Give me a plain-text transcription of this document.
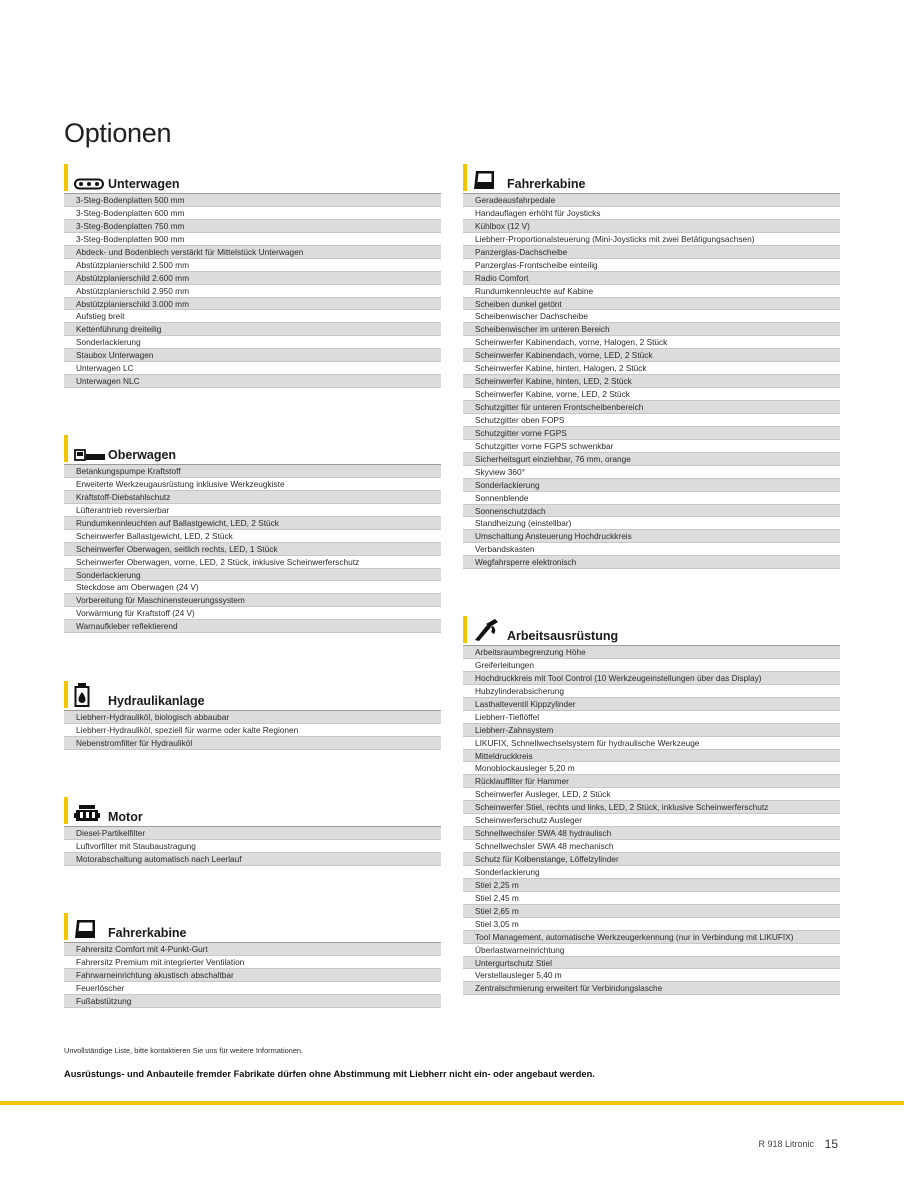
Optionen
Unterwagen
3-Steg-Bodenplatten 500 mm
3-Steg-Bodenplatten 600 mm
3-Steg-Bodenplatten 750 mm
3-Steg-Bodenplatten 900 mm
Abdeck- und Bodenblech verstärkt für Mittelstück Unterwagen
Abstützplanierschild 2.500 mm
Abstützplanierschild 2.600 mm
Abstützplanierschild 2.950 mm
Abstützplanierschild 3.000 mm
Aufstieg breit
Kettenführung dreiteilig
Sonderlackierung
Staubox Unterwagen
Unterwagen LC
Unterwagen NLC
Oberwagen
Betankungspumpe Kraftstoff
Erweiterte Werkzeugausrüstung inklusive Werkzeugkiste
Kraftstoff-Diebstahlschutz
Lüfterantrieb reversierbar
Rundumkennleuchten auf Ballastgewicht, LED, 2 Stück
Scheinwerfer Ballastgewicht, LED, 2 Stück
Scheinwerfer Oberwagen, seitlich rechts, LED, 1 Stück
Scheinwerfer Oberwagen, vorne, LED, 2 Stück, inklusive Scheinwerferschutz
Sonderlackierung
Steckdose am Oberwagen (24 V)
Vorbereitung für Maschinensteuerungssystem
Vorwärmung für Kraftstoff (24 V)
Warnaufkleber reflektierend
Hydraulikanlage
Liebherr-Hydrauliköl, biologisch abbaubar
Liebherr-Hydrauliköl, speziell für warme oder kalte Regionen
Nebenstromfilter für Hydrauliköl
Motor
Diesel-Partikelfilter
Luftvorfilter mit Staubaustragung
Motorabschaltung automatisch nach Leerlauf
Fahrerkabine
Fahrersitz Comfort mit 4-Punkt-Gurt
Fahrersitz Premium mit integrierter Ventilation
Fahrwarneinrichtung akustisch abschaltbar
Feuerlöscher
Fußabstützung
Fahrerkabine
Geradeausfahrpedale
Handauflagen erhöht für Joysticks
Kühlbox (12 V)
Liebherr-Proportionalsteuerung (Mini-Joysticks mit zwei Betätigungsachsen)
Panzerglas-Dachscheibe
Panzerglas-Frontscheibe einteilig
Radio Comfort
Rundumkennleuchte auf Kabine
Scheiben dunkel getönt
Scheibenwischer Dachscheibe
Scheibenwischer im unteren Bereich
Scheinwerfer Kabinendach, vorne, Halogen, 2 Stück
Scheinwerfer Kabinendach, vorne, LED, 2 Stück
Scheinwerfer Kabine, hinten, Halogen, 2 Stück
Scheinwerfer Kabine, hinten, LED, 2 Stück
Scheinwerfer Kabine, vorne, LED, 2 Stück
Schutzgitter für unteren Frontscheibenbereich
Schutzgitter oben FOPS
Schutzgitter vorne FGPS
Schutzgitter vorne FGPS schwenkbar
Sicherheitsgurt einziehbar, 76 mm, orange
Skyview 360°
Sonderlackierung
Sonnenblende
Sonnenschutzdach
Standheizung (einstellbar)
Umschaltung Ansteuerung Hochdruckkreis
Verbandskasten
Wegfahrsperre elektronisch
Arbeitsausrüstung
Arbeitsraumbegrenzung Höhe
Greiferleitungen
Hochdruckkreis mit Tool Control (10 Werkzeugeinstellungen über das Display)
Hubzylinderabsicherung
Lasthalteventil Kippzylinder
Liebherr-Tieflöffel
Liebherr-Zahnsystem
LIKUFIX, Schnellwechselsystem für hydraulische Werkzeuge
Mitteldruckkreis
Monoblockausleger 5,20 m
Rücklauffilter für Hammer
Scheinwerfer Ausleger, LED, 2 Stück
Scheinwerfer Stiel, rechts und links, LED, 2 Stück, inklusive Scheinwerferschutz
Scheinwerferschutz Ausleger
Schnellwechsler SWA 48 hydraulisch
Schnellwechsler SWA 48 mechanisch
Schutz für Kolbenstange, Löffelzylinder
Sonderlackierung
Stiel 2,25 m
Stiel 2,45 m
Stiel 2,65 m
Stiel 3,05 m
Tool Management, automatische Werkzeugerkennung (nur in Verbindung mit LIKUFIX)
Überlastwarneinrichtung
Untergurtschutz Stiel
Verstellausleger 5,40 m
Zentralschmierung erweitert für Verbindungslasche
Unvollständige Liste, bitte kontaktieren Sie uns für weitere Informationen.
Ausrüstungs- und Anbauteile fremder Fabrikate dürfen ohne Abstimmung mit Liebherr nicht ein- oder angebaut werden.
R 918 Litronic 15
